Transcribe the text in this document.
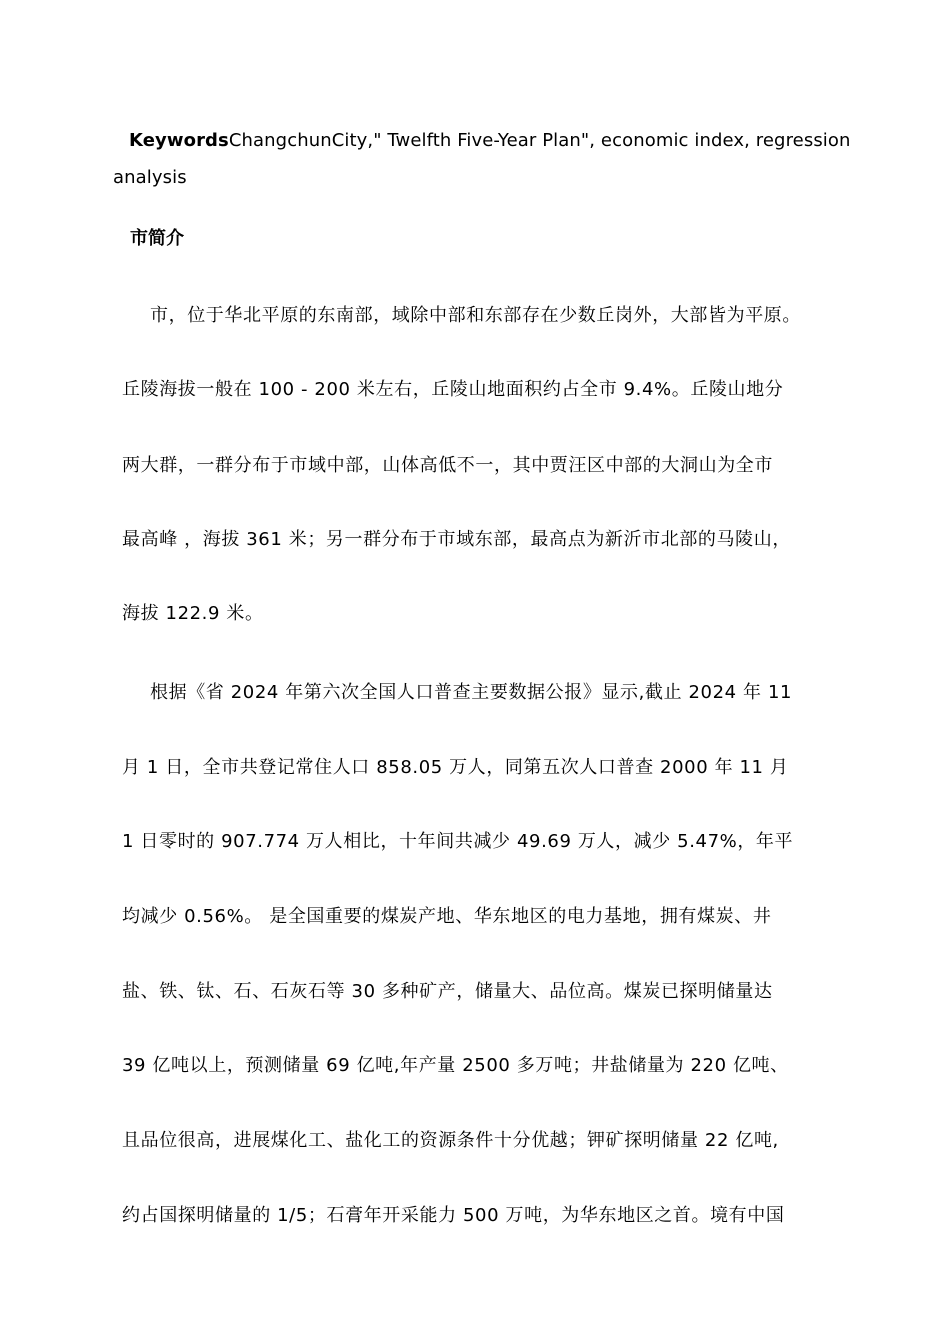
KeywordsChangchunCity," Twelfth Five-Year Plan", economic index, regression analysis
市简介
市，位于华北平原的东南部，域除中部和东部存在少数丘岗外，大部皆为平原。
丘陵海拔一般在 100 - 200 米左右，丘陵山地面积约占全市 9.4%。丘陵山地分
两大群，一群分布于市域中部，山体高低不一，其中贾汪区中部的大洞山为全市
最高峰 ，海拔 361 米；另一群分布于市域东部，最高点为新沂市北部的马陵山，
海拔 122.9 米。
根据《省 2024 年第六次全国人口普查主要数据公报》显示,截止 2024 年 11
月 1 日，全市共登记常住人口 858.05 万人，同第五次人口普查 2000 年 11 月
1 日零时的 907.774 万人相比，十年间共减少 49.69 万人，减少 5.47%，年平
均减少 0.56%。 是全国重要的煤炭产地、华东地区的电力基地，拥有煤炭、井
盐、铁、钛、石、石灰石等 30 多种矿产，储量大、品位高。煤炭已探明储量达
39 亿吨以上，预测储量 69 亿吨,年产量 2500 多万吨；井盐储量为 220 亿吨、
且品位很高，进展煤化工、盐化工的资源条件十分优越；钾矿探明储量 22 亿吨,
约占国探明储量的 1/5；石膏年开采能力 500 万吨，为华东地区之首。境有中国
